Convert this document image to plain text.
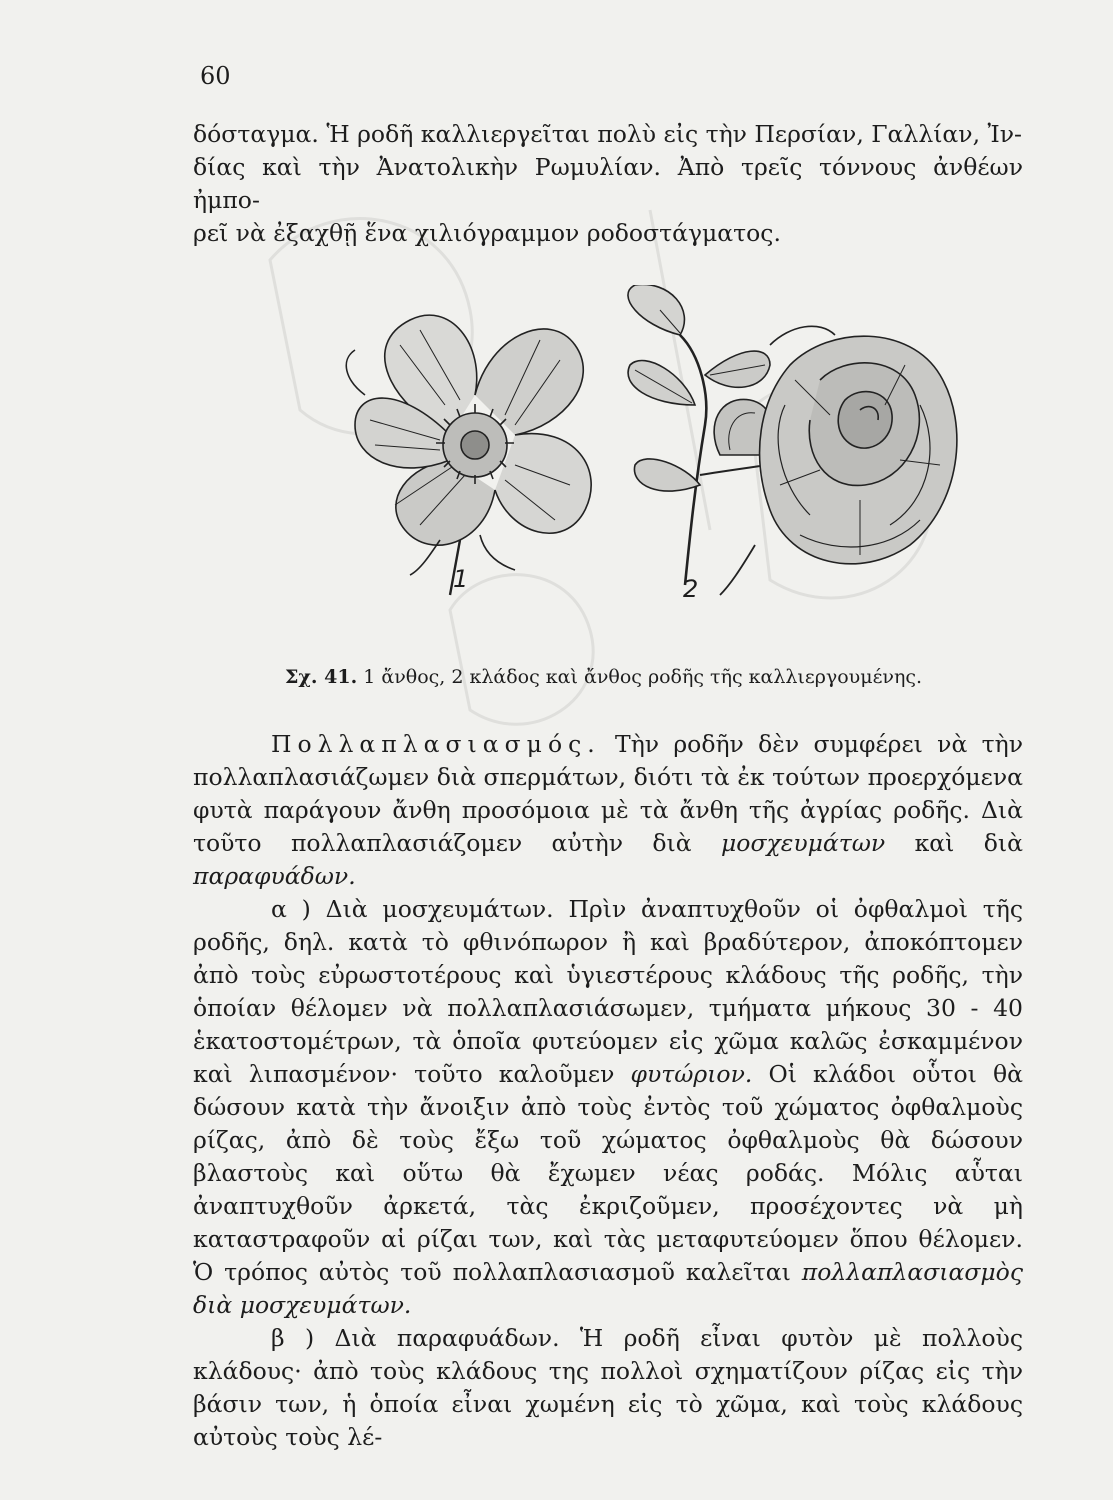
60

δόσταγμα. Ἡ ροδῆ καλλιεργεῖται πολὺ εἰς τὴν Περσίαν, Γαλλίαν, Ἰν-

δίας καὶ τὴν Ἀνατολικὴν Ρωμυλίαν. Ἀπὸ τρεῖς τόννους ἀνθέων ἠμπο-

ρεῖ νὰ ἐξαχθῇ ἕνα χιλιόγραμμον ροδοστάγματος.

1	2
Σχ. 41. 1 ἄνθος, 2 κλάδος καὶ ἄνθος ροδῆς τῆς καλλιεργουμένης.

Πολλαπλασιασμός. Τὴν ροδῆν δὲν συμφέρει νὰ τὴν πολλαπλασιάζωμεν διὰ σπερμάτων, διότι τὰ ἐκ τούτων προερχόμενα φυτὰ παράγουν ἄνθη προσόμοια μὲ τὰ ἄνθη τῆς ἀγρίας ροδῆς. Διὰ τοῦτο πολλαπλασιάζομεν αὐτὴν διὰ μοσχευμάτων καὶ διὰ παραφυάδων.

α ) Διὰ μοσχευμάτων. Πρὶν ἀναπτυχθοῦν οἱ ὀφθαλμοὶ τῆς ροδῆς, δηλ. κατὰ τὸ φθινόπωρον ἢ καὶ βραδύτερον, ἀποκόπτομεν ἀπὸ τοὺς εὐρωστοτέρους καὶ ὑγιεστέρους κλάδους τῆς ροδῆς, τὴν ὁποίαν θέλομεν νὰ πολλαπλασιάσωμεν, τμήματα μήκους 30 - 40 ἑκατοστομέτρων, τὰ ὁποῖα φυτεύομεν εἰς χῶμα καλῶς ἐσκαμμένον καὶ λιπασμένον· τοῦτο καλοῦμεν φυτώριον. Οἱ κλάδοι οὗτοι θὰ δώσουν κατὰ τὴν ἄνοιξιν ἀπὸ τοὺς ἐντὸς τοῦ χώματος ὀφθαλμοὺς ρίζας, ἀπὸ δὲ τοὺς ἔξω τοῦ χώματος ὀφθαλμοὺς θὰ δώσουν βλαστοὺς καὶ οὕτω θὰ ἔχωμεν νέας ροδάς. Μόλις αὗται ἀναπτυχθοῦν ἀρκετά, τὰς ἐκριζοῦμεν, προσέχοντες νὰ μὴ καταστραφοῦν αἱ ρίζαι των, καὶ τὰς μεταφυτεύομεν ὅπου θέλομεν. Ὁ τρόπος αὐτὸς τοῦ πολλαπλασιασμοῦ καλεῖται πολλαπλασιασμὸς διὰ μοσχευμάτων.

β ) Διὰ παραφυάδων. Ἡ ροδῆ εἶναι φυτὸν μὲ πολλοὺς κλάδους· ἀπὸ τοὺς κλάδους της πολλοὶ σχηματίζουν ρίζας εἰς τὴν βάσιν των, ἡ ὁποία εἶναι χωμένη εἰς τὸ χῶμα, καὶ τοὺς κλάδους αὐτοὺς τοὺς λέ-
